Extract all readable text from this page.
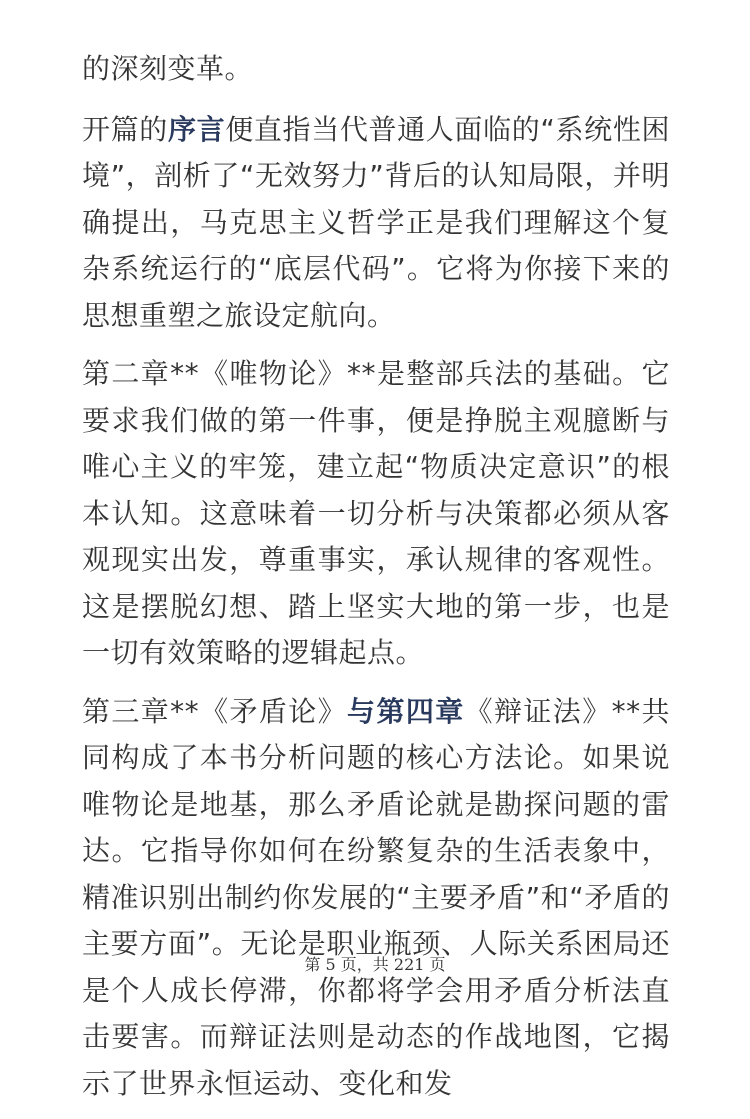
的深刻变革。

开篇的序言便直指当代普通人面临的“系统性困境”，剖析了“无效努力”背后的认知局限，并明确提出，马克思主义哲学正是我们理解这个复杂系统运行的“底层代码”。它将为你接下来的思想重塑之旅设定航向。

第二章**《唯物论》**是整部兵法的基础。它要求我们做的第一件事，便是挣脱主观臆断与唯心主义的牢笼，建立起“物质决定意识”的根本认知。这意味着一切分析与决策都必须从客观现实出发，尊重事实，承认规律的客观性。这是摆脱幻想、踏上坚实大地的第一步，也是一切有效策略的逻辑起点。

第三章**《矛盾论》与第四章《辩证法》**共同构成了本书分析问题的核心方法论。如果说唯物论是地基，那么矛盾论就是勘探问题的雷达。它指导你如何在纷繁复杂的生活表象中，精准识别出制约你发展的“主要矛盾”和“矛盾的主要方面”。无论是职业瓶颈、人际关系困局还是个人成长停滞，你都将学会用矛盾分析法直击要害。而辩证法则是动态的作战地图，它揭示了世界永恒运动、变化和发

第 5 页，共 221 页
